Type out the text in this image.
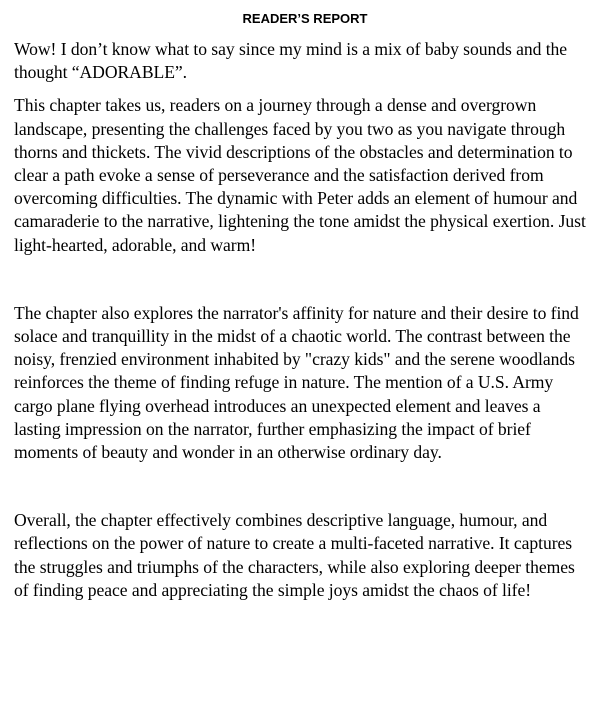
READER’S REPORT

Wow! I don’t know what to say since my mind is a mix of baby sounds and the thought “ADORABLE”.

This chapter takes us, readers on a journey through a dense and overgrown landscape, presenting the challenges faced by you two as you navigate through thorns and thickets. The vivid descriptions of the obstacles and determination to clear a path evoke a sense of perseverance and the satisfaction derived from overcoming difficulties. The dynamic with Peter adds an element of humour and camaraderie to the narrative, lightening the tone amidst the physical exertion. Just light-hearted, adorable, and warm!

The chapter also explores the narrator's affinity for nature and their desire to find solace and tranquillity in the midst of a chaotic world. The contrast between the noisy, frenzied environment inhabited by "crazy kids" and the serene woodlands reinforces the theme of finding refuge in nature. The mention of a U.S. Army cargo plane flying overhead introduces an unexpected element and leaves a lasting impression on the narrator, further emphasizing the impact of brief moments of beauty and wonder in an otherwise ordinary day.

Overall, the chapter effectively combines descriptive language, humour, and reflections on the power of nature to create a multi-faceted narrative. It captures the struggles and triumphs of the characters, while also exploring deeper themes of finding peace and appreciating the simple joys amidst the chaos of life!
